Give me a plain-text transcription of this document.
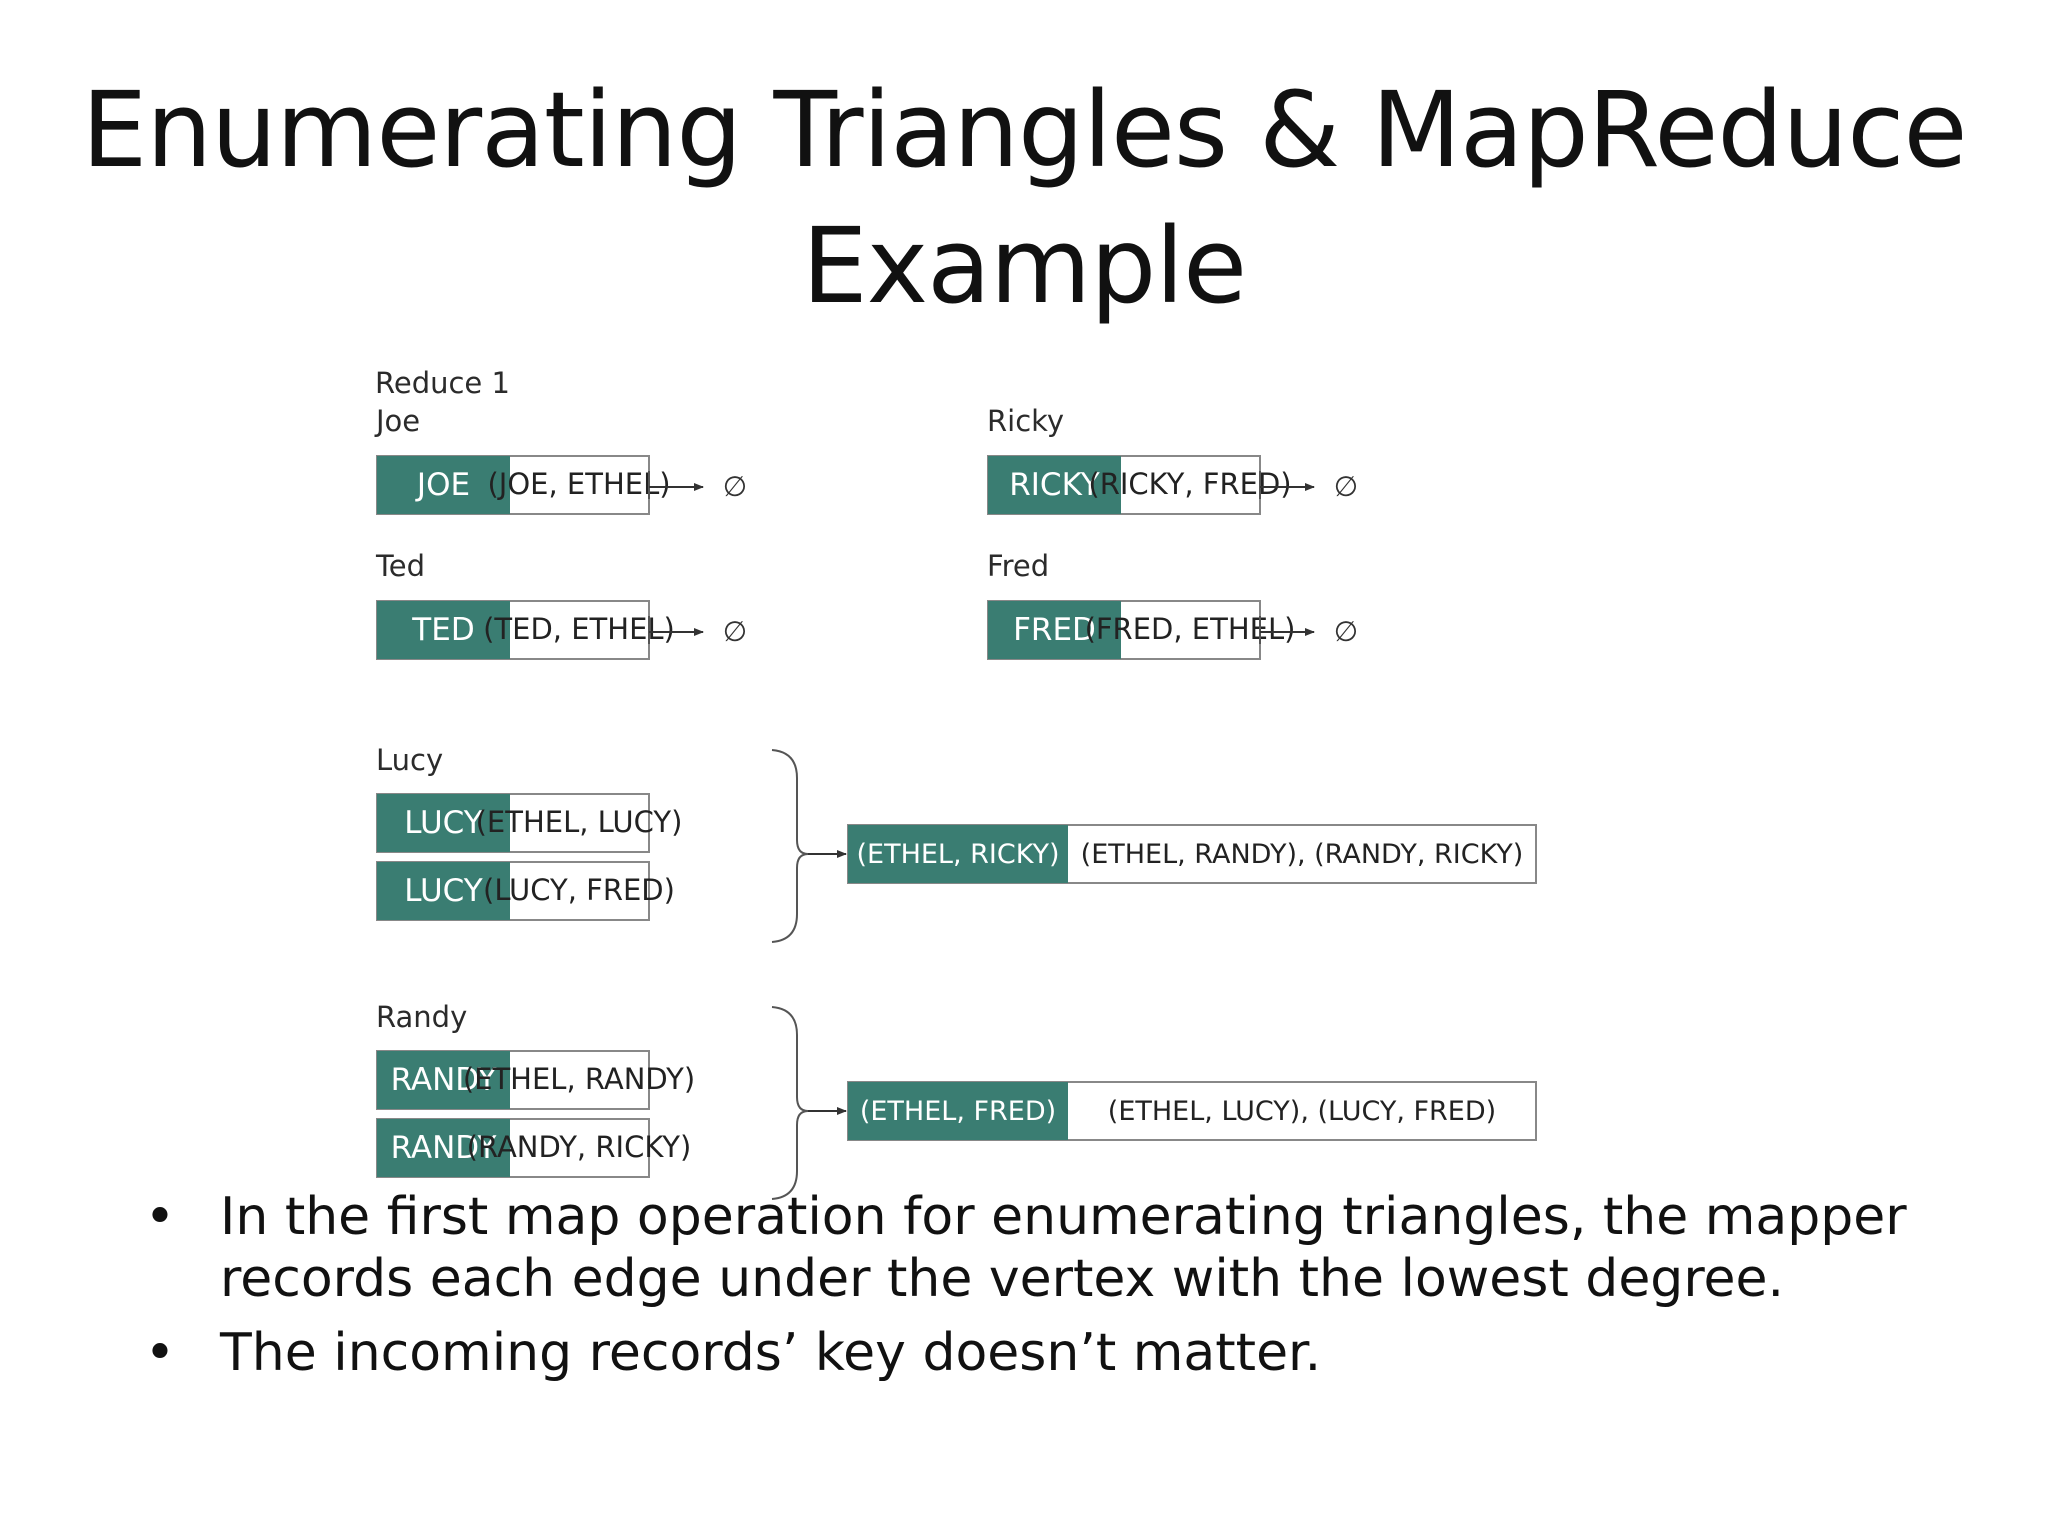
Enumerating Triangles & MapReduce
Example
Reduce 1
Joe
JOE (JOE, ETHEL) ∅
Ricky
RICKY
(RICKY, FRED) ∅
Ted
TED (TED, ETHEL) ∅
Fred
FRED
(FRED, ETHEL) ∅
Lucy
LUCY
(ETHEL, LUCY)
LUCY (LUCY, FRED)
(ETHEL, RICKY) (ETHEL, RANDY), (RANDY, RICKY)
Randy
RANDY
(ETHEL, RANDY)
RANDY
(RANDY, RICKY)
(ETHEL, FRED) (ETHEL, LUCY), (LUCY, FRED)
• In the first map operation for enumerating triangles, the mapper records each edge under the vertex with the lowest degree.
• The incoming records’ key doesn’t matter.
